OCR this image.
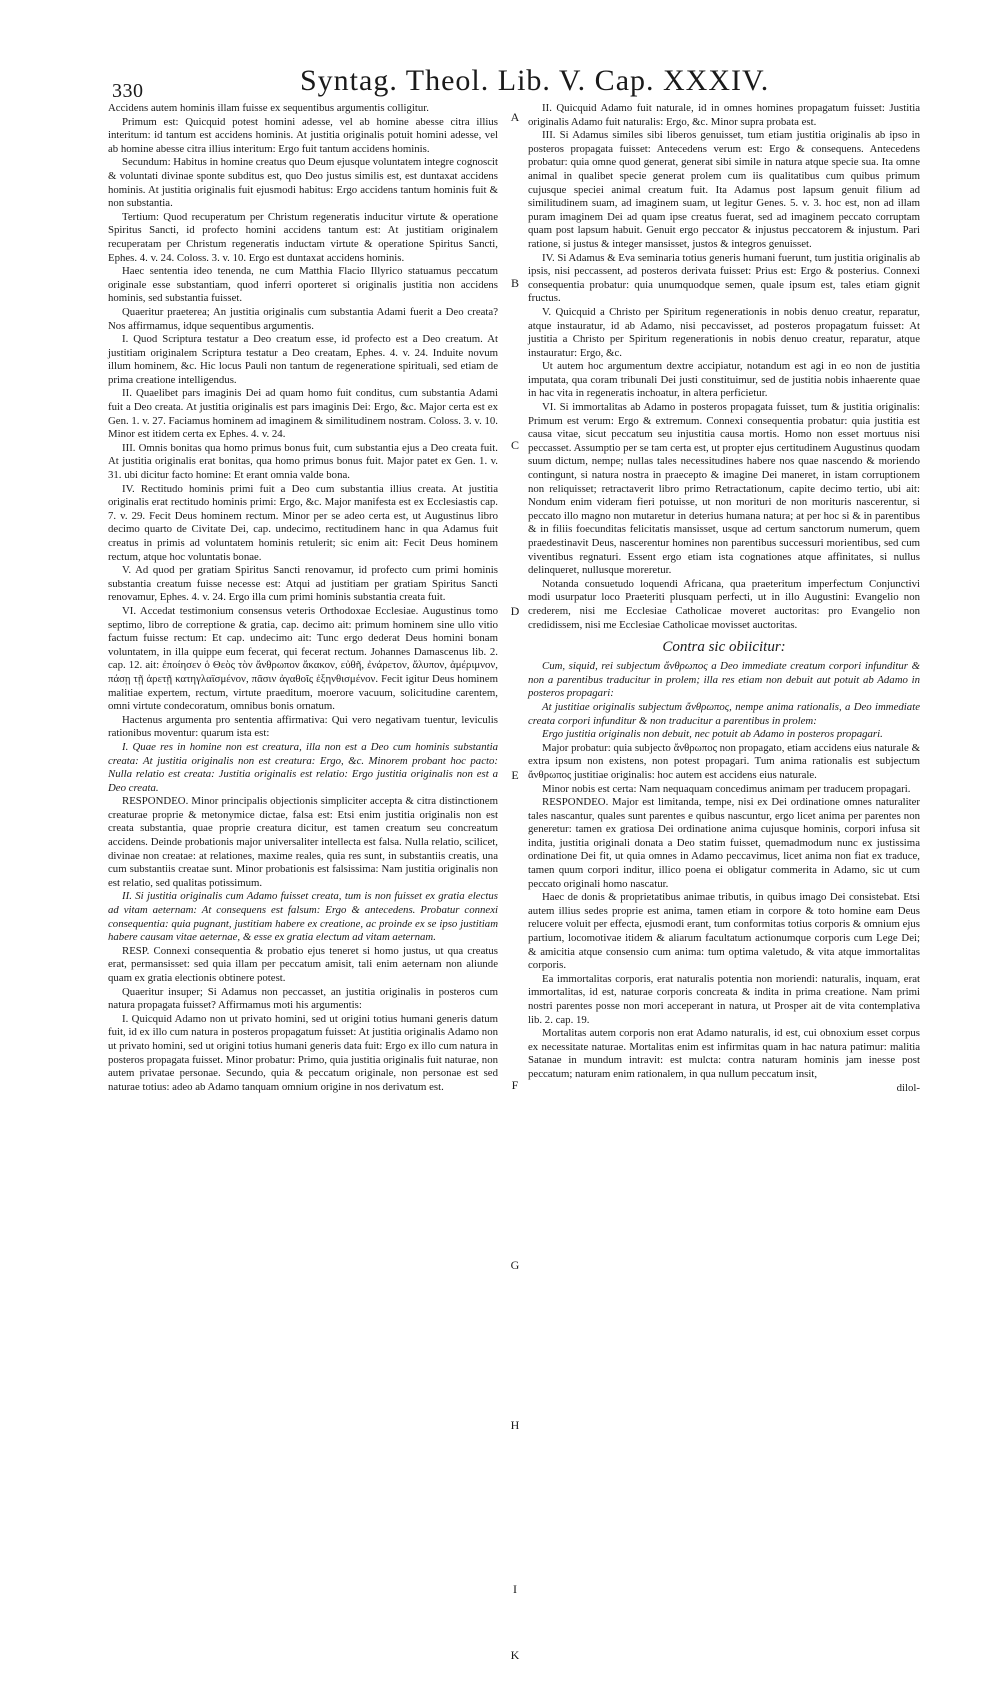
330	Syntag. Theol. Lib. V. Cap. XXXIV.

Accidens autem hominis illam fuisse ex sequentibus argumentis colligitur.

Primum est: Quicquid potest homini adesse, vel ab homine abesse citra illius interitum: id tantum est accidens hominis. At justitia originalis potuit homini adesse, vel ab homine abesse citra illius interitum: Ergo fuit tantum accidens hominis.

Secundum: Habitus in homine creatus quo Deum ejusque voluntatem integre cognoscit & voluntati divinae sponte subditus est, quo Deo justus similis est, est duntaxat accidens hominis. At justitia originalis fuit ejusmodi habitus: Ergo accidens tantum hominis fuit & non substantia.

Tertium: Quod recuperatum per Christum regeneratis inducitur virtute & operatione Spiritus Sancti, id profecto homini accidens tantum est: At justitiam originalem recuperatam per Christum regeneratis inductam virtute & operatione Spiritus Sancti, Ephes. 4. v. 24. Coloss. 3. v. 10. Ergo est duntaxat accidens hominis.

Haec sententia ideo tenenda, ne cum Matthia Flacio Illyrico statuamus peccatum originale esse substantiam, quod inferri oporteret si originalis justitia non accidens hominis, sed substantia fuisset.

Quaeritur praeterea; An justitia originalis cum substantia Adami fuerit a Deo creata? Nos affirmamus, idque sequentibus argumentis.

I. Quod Scriptura testatur a Deo creatum esse, id profecto est a Deo creatum. At justitiam originalem Scriptura testatur a Deo creatam, Ephes. 4. v. 24. Induite novum illum hominem, &c. Hic locus Pauli non tantum de regeneratione spirituali, sed etiam de prima creatione intelligendus.

II. Quaelibet pars imaginis Dei ad quam homo fuit conditus, cum substantia Adami fuit a Deo creata. At justitia originalis est pars imaginis Dei: Ergo, &c. Major certa est ex Gen. 1. v. 27. Faciamus hominem ad imaginem & similitudinem nostram. Coloss. 3. v. 10. Minor est itidem certa ex Ephes. 4. v. 24.

III. Omnis bonitas qua homo primus bonus fuit, cum substantia ejus a Deo creata fuit. At justitia originalis erat bonitas, qua homo primus bonus fuit. Major patet ex Gen. 1. v. 31. ubi dicitur facto homine: Et erant omnia valde bona.

IV. Rectitudo hominis primi fuit a Deo cum substantia illius creata. At justitia originalis erat rectitudo hominis primi: Ergo, &c. Major manifesta est ex Ecclesiastis cap. 7. v. 29. Fecit Deus hominem rectum. Minor per se adeo certa est, ut Augustinus libro decimo quarto de Civitate Dei, cap. undecimo, rectitudinem hanc in qua Adamus fuit creatus in primis ad voluntatem hominis retulerit; sic enim ait: Fecit Deus hominem rectum, atque hoc voluntatis bonae.

V. Ad quod per gratiam Spiritus Sancti renovamur, id profecto cum primi hominis substantia creatum fuisse necesse est: Atqui ad justitiam per gratiam Spiritus Sancti renovamur, Ephes. 4. v. 24. Ergo illa cum primi hominis substantia creata fuit.

VI. Accedat testimonium consensus veteris Orthodoxae Ecclesiae. Augustinus tomo septimo, libro de correptione & gratia, cap. decimo ait: primum hominem sine ullo vitio factum fuisse rectum: Et cap. undecimo ait: Tunc ergo dederat Deus homini bonam voluntatem, in illa quippe eum fecerat, qui fecerat rectum. Johannes Damascenus lib. 2. cap. 12. ait: ἐποίησεν ὁ Θεὸς τὸν ἄνθρωπον ἄκακον, εὐθῆ, ἐνάρετον, ἄλυπον, ἀμέριμνον, πάσῃ τῇ ἀρετῇ κατηγλαϊσμένον, πᾶσιν ἀγαθοῖς ἐξηνθισμένον. Fecit igitur Deus hominem malitiae expertem, rectum, virtute praeditum, moerore vacuum, solicitudine carentem, omni virtute condecoratum, omnibus bonis ornatum.

Hactenus argumenta pro sententia affirmativa: Qui vero negativam tuentur, leviculis rationibus moventur: quarum ista est:

I. Quae res in homine non est creatura, illa non est a Deo cum hominis substantia creata: At justitia originalis non est creatura: Ergo, &c. Minorem probant hoc pacto: Nulla relatio est creata: Justitia originalis est relatio: Ergo justitia originalis non est a Deo creata.

RESPONDEO. Minor principalis objectionis simpliciter accepta & citra distinctionem creaturae proprie & metonymice dictae, falsa est: Etsi enim justitia originalis non est creata substantia, quae proprie creatura dicitur, est tamen creatum seu concreatum accidens. Deinde probationis major universaliter intellecta est falsa. Nulla relatio, scilicet, divinae non creatae: at relationes, maxime reales, quia res sunt, in substantiis creatis, una cum substantiis creatae sunt. Minor probationis est falsissima: Nam justitia originalis non est relatio, sed qualitas potissimum.

II. Si justitia originalis cum Adamo fuisset creata, tum is non fuisset ex gratia electus ad vitam aeternam: At consequens est falsum: Ergo & antecedens. Probatur connexi consequentia: quia pugnant, justitiam habere ex creatione, ac proinde ex se ipso justitiam habere causam vitae aeternae, & esse ex gratia electum ad vitam aeternam.

RESP. Connexi consequentia & probatio ejus teneret si homo justus, ut qua creatus erat, permansisset: sed quia illam per peccatum amisit, tali enim aeternam non aliunde quam ex gratia electionis obtinere potest.

Quaeritur insuper; Si Adamus non peccasset, an justitia originalis in posteros cum natura propagata fuisset? Affirmamus moti his argumentis:

I. Quicquid Adamo non ut privato homini, sed ut origini totius humani generis datum fuit, id ex illo cum natura in posteros propagatum fuisset: At justitia originalis Adamo non ut privato homini, sed ut origini totius humani generis data fuit: Ergo ex illo cum natura in posteros propagata fuisset. Minor probatur: Primo, quia justitia originalis fuit naturae, non autem privatae personae. Secundo, quia & peccatum originale, non personae est sed naturae totius: adeo ab Adamo tanquam omnium origine in nos derivatum est.

II. Quicquid Adamo fuit naturale, id in omnes homines propagatum fuisset: Justitia originalis Adamo fuit naturalis: Ergo, &c. Minor supra probata est.

III. Si Adamus similes sibi liberos genuisset, tum etiam justitia originalis ab ipso in posteros propagata fuisset: Antecedens verum est: Ergo & consequens. Antecedens probatur: quia omne quod generat, generat sibi simile in natura atque specie sua. Ita omne animal in qualibet specie generat prolem cum iis qualitatibus cum quibus primum cujusque speciei animal creatum fuit. Ita Adamus post lapsum genuit filium ad similitudinem suam, ad imaginem suam, ut legitur Genes. 5. v. 3. hoc est, non ad illam puram imaginem Dei ad quam ipse creatus fuerat, sed ad imaginem peccato corruptam quam post lapsum habuit. Genuit ergo peccator & injustus peccatorem & injustum. Pari ratione, si justus & integer mansisset, justos & integros genuisset.

IV. Si Adamus & Eva seminaria totius generis humani fuerunt, tum justitia originalis ab ipsis, nisi peccassent, ad posteros derivata fuisset: Prius est: Ergo & posterius. Connexi consequentia probatur: quia unumquodque semen, quale ipsum est, tales etiam gignit fructus.

V. Quicquid a Christo per Spiritum regenerationis in nobis denuo creatur, reparatur, atque instauratur, id ab Adamo, nisi peccavisset, ad posteros propagatum fuisset: At justitia a Christo per Spiritum regenerationis in nobis denuo creatur, reparatur, atque instauratur: Ergo, &c.

Ut autem hoc argumentum dextre accipiatur, notandum est agi in eo non de justitia imputata, qua coram tribunali Dei justi constituimur, sed de justitia nobis inhaerente quae in hac vita in regeneratis inchoatur, in altera perficietur.

VI. Si immortalitas ab Adamo in posteros propagata fuisset, tum & justitia originalis: Primum est verum: Ergo & extremum. Connexi consequentia probatur: quia justitia est causa vitae, sicut peccatum seu injustitia causa mortis. Homo non esset mortuus nisi peccasset. Assumptio per se tam certa est, ut propter ejus certitudinem Augustinus quodam suum dictum, nempe; nullas tales necessitudines habere nos quae nascendo & moriendo contingunt, si natura nostra in praecepto & imagine Dei maneret, in istam corruptionem non reliquisset; retractaverit libro primo Retractationum, capite decimo tertio, ubi ait: Nondum enim videram fieri potuisse, ut non morituri de non morituris nascerentur, si peccato illo magno non mutaretur in deterius humana natura; at per hoc si & in parentibus & in filiis foecunditas felicitatis mansisset, usque ad certum sanctorum numerum, quem praedestinavit Deus, nascerentur homines non parentibus successuri morientibus, sed cum viventibus regnaturi. Essent ergo etiam ista cognationes atque affinitates, si nullus delinqueret, nullusque moreretur.

Notanda consuetudo loquendi Africana, qua praeteritum imperfectum Conjunctivi modi usurpatur loco Praeteriti plusquam perfecti, ut in illo Augustini: Evangelio non crederem, nisi me Ecclesiae Catholicae moveret auctoritas: pro Evangelio non credidissem, nisi me Ecclesiae Catholicae movisset auctoritas.

Contra sic obiicitur:

Cum, siquid, rei subjectum ἄνθρωπος a Deo immediate creatum corpori infunditur & non a parentibus traducitur in prolem; illa res etiam non debuit aut potuit ab Adamo in posteros propagari:

At justitiae originalis subjectum ἄνθρωπος, nempe anima rationalis, a Deo immediate creata corpori infunditur & non traducitur a parentibus in prolem:

Ergo justitia originalis non debuit, nec potuit ab Adamo in posteros propagari.

Major probatur: quia subjecto ἄνθρωπος non propagato, etiam accidens eius naturale & extra ipsum non existens, non potest propagari. Tum anima rationalis est subjectum ἄνθρωπος justitiae originalis: hoc autem est accidens eius naturale.

Minor nobis est certa: Nam nequaquam concedimus animam per traducem propagari.

RESPONDEO. Major est limitanda, tempe, nisi ex Dei ordinatione omnes naturaliter tales nascantur, quales sunt parentes e quibus nascuntur, ergo licet anima per parentes non generetur: tamen ex gratiosa Dei ordinatione anima cujusque hominis, corpori infusa sit indita, justitia originali donata a Deo statim fuisset, quemadmodum nunc ex justissima ordinatione Dei fit, ut quia omnes in Adamo peccavimus, licet anima non fiat ex traduce, tamen quum corpori inditur, illico poena ei obligatur commerita in Adamo, sic ut cum peccato originali homo nascatur.

Haec de donis & proprietatibus animae tributis, in quibus imago Dei consistebat. Etsi autem illius sedes proprie est anima, tamen etiam in corpore & toto homine eam Deus relucere voluit per effecta, ejusmodi erant, tum conformitas totius corporis & omnium ejus partium, locomotivae itidem & aliarum facultatum actionumque corporis cum Lege Dei; & amicitia atque consensio cum anima: tum optima valetudo, & vita atque immortalitas corporis.

Ea immortalitas corporis, erat naturalis potentia non moriendi: naturalis, inquam, erat immortalitas, id est, naturae corporis concreata & indita in prima creatione. Nam primi nostri parentes posse non mori acceperant in natura, ut Prosper ait de vita contemplativa lib. 2. cap. 19.

Mortalitas autem corporis non erat Adamo naturalis, id est, cui obnoxium esset corpus ex necessitate naturae. Mortalitas enim est infirmitas quam in hac natura patimur: malitia Satanae in mundum intravit: est mulcta: contra naturam hominis jam inesse post peccatum; naturam enim rationalem, in qua nullum peccatum insit,

dilol-

A
B
C
D
E
F
G
H
I
K
